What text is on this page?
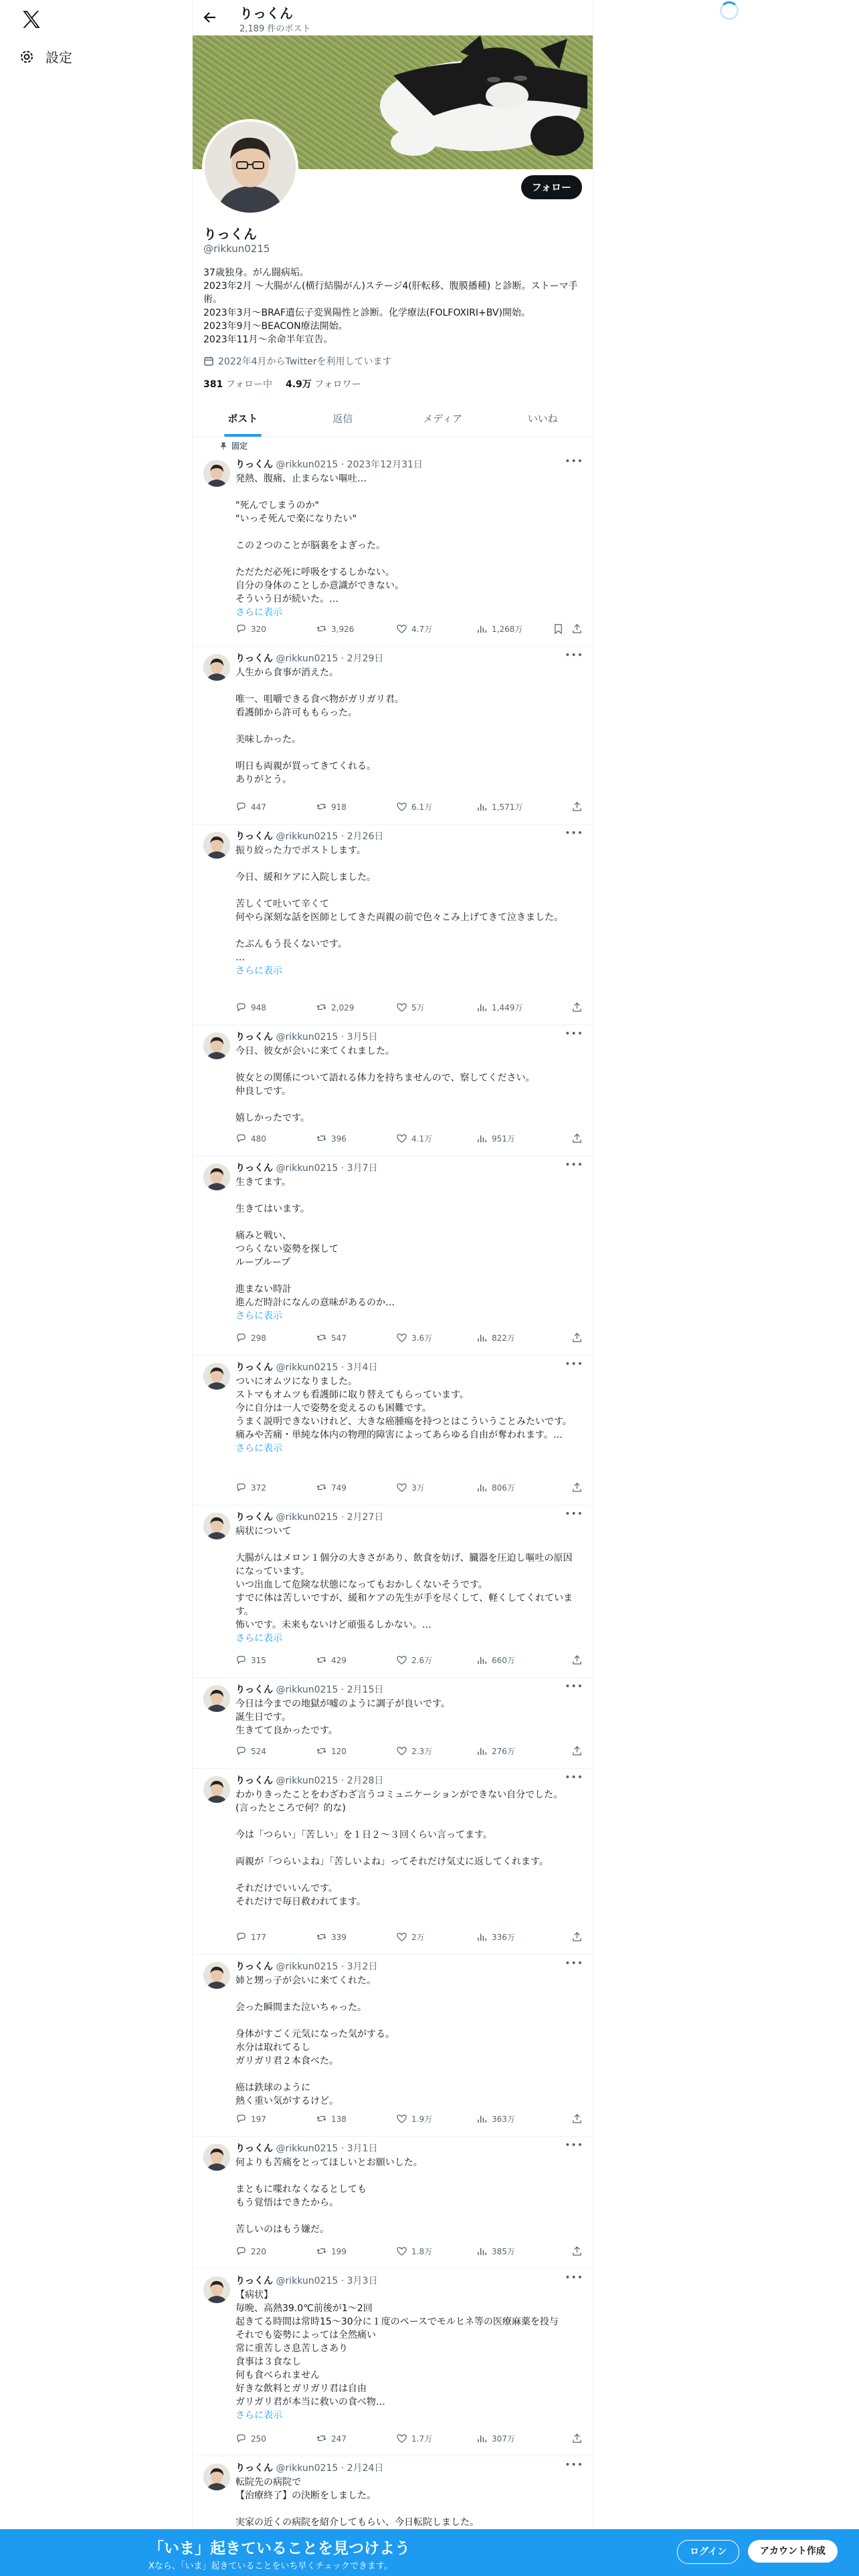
設定
りっくん
2,189 件のポスト
フォロー
りっくん
@rikkun0215
37歳独身。がん闘病垢。
2023年2月 〜大腸がん(横行結腸がん)ステージ4(肝転移、腹膜播種) と診断。ストーマ手術。
2023年3月〜BRAF遺伝子変異陽性と診断。化学療法(FOLFOXIRI+BV)開始。
2023年9月〜BEACON療法開始。
2023年11月〜余命半年宣告。
2022年4月からTwitterを利用しています
381 フォロー中 4.9万 フォロワー
ポスト	返信	メディア	いいね
固定
りっくん @rikkun0215 · 2023年12月31日	•••
発熱、腹痛、止まらない嘔吐…
"死んでしまうのか"
"いっそ死んで楽になりたい"
この２つのことが脳裏をよぎった。
ただただ必死に呼吸をするしかない。
自分の身体のことしか意識ができない。
そういう日が続いた。…
さらに表示
320	3,926	4.7万	1,268万
りっくん @rikkun0215 · 2月29日	•••
人生から食事が消えた。
唯一、咀嚼できる食べ物がガリガリ君。
看護師から許可ももらった。
美味しかった。
明日も両親が買ってきてくれる。
ありがとう。
447	918	6.1万	1,571万
りっくん @rikkun0215 · 2月26日	•••
振り絞った力でポストします。
今日、緩和ケアに入院しました。
苦しくて吐いて辛くて
何やら深刻な話を医師としてきた両親の前で色々こみ上げてきて泣きました。
たぶんもう長くないです。
…
さらに表示
948	2,029	5万	1,449万
りっくん @rikkun0215 · 3月5日	•••
今日、彼女が会いに来てくれました。
彼女との関係について語れる体力を持ちませんので、察してください。
仲良しです。
嬉しかったです。
480	396	4.1万	951万
りっくん @rikkun0215 · 3月7日	•••
生きてます。
生きてはいます。
痛みと戦い、
つらくない姿勢を探して
ループループ
進まない時計
進んだ時計になんの意味があるのか…
さらに表示
298	547	3.6万	822万
りっくん @rikkun0215 · 3月4日	•••
ついにオムツになりました。
ストマもオムツも看護師に取り替えてもらっています。
今に自分は一人で姿勢を変えるのも困難です。
うまく説明できないけれど、大きな癌腫瘍を持つとはこういうことみたいです。痛みや苦痛・単純な体内の物理的障害によってあらゆる自由が奪われます。…
さらに表示
372	749	3万	806万
りっくん @rikkun0215 · 2月27日	•••
病状について
大腸がんはメロン１個分の大きさがあり、飲食を妨げ、臓器を圧迫し嘔吐の原因になっています。
いつ出血して危険な状態になってもおかしくないそうです。
すでに体は苦しいですが、緩和ケアの先生が手を尽くして、軽くしてくれています。
怖いです。未来もないけど頑張るしかない。…
さらに表示
315	429	2.6万	660万
りっくん @rikkun0215 · 2月15日	•••
今日は今までの地獄が嘘のように調子が良いです。
誕生日です。
生きてて良かったです。
524	120	2.3万	276万
りっくん @rikkun0215 · 2月28日	•••
わかりきったことをわざわざ言うコミュニケーションができない自分でした。
(言ったところで何？的な)
今は「つらい」「苦しい」を１日２〜３回くらい言ってます。
両親が「つらいよね」「苦しいよね」ってそれだけ気丈に返してくれます。
それだけでいいんです。
それだけで毎日救われてます。
177	339	2万	336万
りっくん @rikkun0215 · 3月2日	•••
姉と甥っ子が会いに来てくれた。
会った瞬間また泣いちゃった。
身体がすごく元気になった気がする。
水分は取れてるし
ガリガリ君２本食べた。
癌は鉄球のように
熱く重い気がするけど。
197	138	1.9万	363万
りっくん @rikkun0215 · 3月1日	•••
何よりも苦痛をとってほしいとお願いした。
まともに喋れなくなるとしても
もう覚悟はできたから。
苦しいのはもう嫌だ。
220	199	1.8万	385万
りっくん @rikkun0215 · 3月3日	•••
【病状】
毎晩、高熱39.0℃前後が1〜2回
起きてる時間は常時15〜30分に１度のペースでモルヒネ等の医療麻薬を投与
それでも姿勢によっては全然痛い
常に重苦しさ息苦しさあり
食事は３食なし
何も食べられません
好きな飲料とガリガリ君は自由
ガリガリ君が本当に救いの食べ物…
さらに表示
250	247	1.7万	307万
りっくん @rikkun0215 · 2月24日	•••
転院先の病院で
【治療終了】の決断をしました。
実家の近くの病院を紹介してもらい、今日転院しました。
「いま」起きていることを見つけよう
Xなら、「いま」起きていることをいち早くチェックできます。
ログイン	アカウント作成
